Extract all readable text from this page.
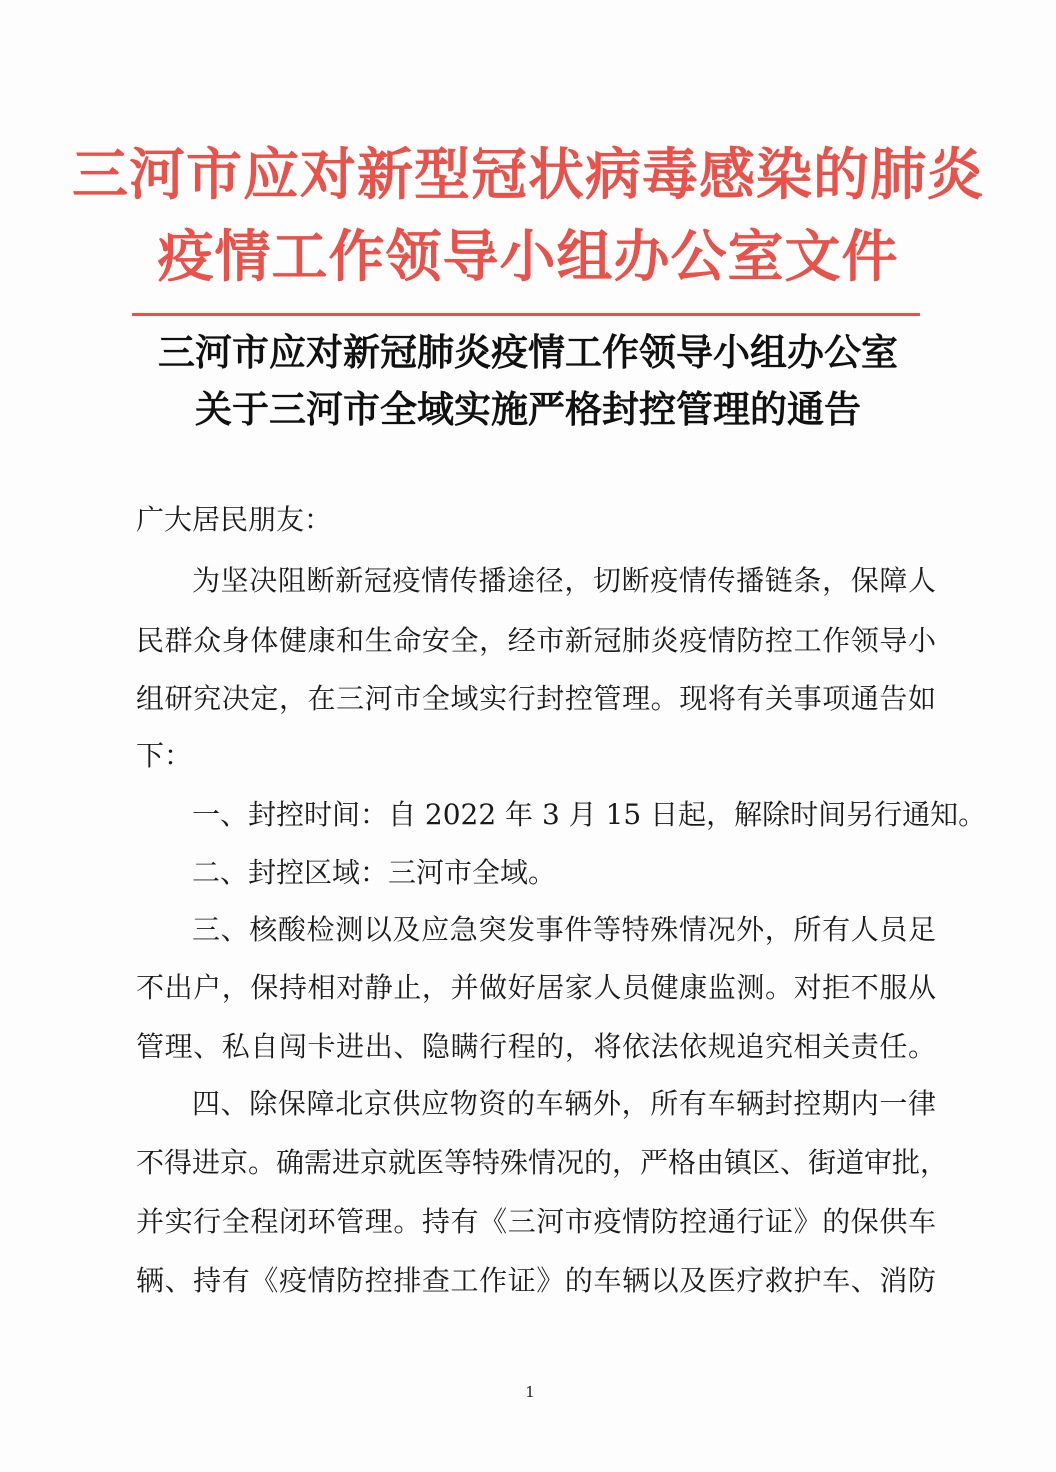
三河市应对新型冠状病毒感染的肺炎
疫情工作领导小组办公室文件
三河市应对新冠肺炎疫情工作领导小组办公室
关于三河市全域实施严格封控管理的通告
广大居民朋友：
为坚决阻断新冠疫情传播途径，切断疫情传播链条，保障人
民群众身体健康和生命安全，经市新冠肺炎疫情防控工作领导小
组研究决定，在三河市全域实行封控管理。现将有关事项通告如
下：
一、封控时间：自 2022 年 3 月 15 日起，解除时间另行通知。
二、封控区域：三河市全域。
三、核酸检测以及应急突发事件等特殊情况外，所有人员足
不出户，保持相对静止，并做好居家人员健康监测。对拒不服从
管理、私自闯卡进出、隐瞒行程的，将依法依规追究相关责任。
四、除保障北京供应物资的车辆外，所有车辆封控期内一律
不得进京。确需进京就医等特殊情况的，严格由镇区、街道审批，
并实行全程闭环管理。持有《三河市疫情防控通行证》的保供车
辆、持有《疫情防控排查工作证》的车辆以及医疗救护车、消防
1
